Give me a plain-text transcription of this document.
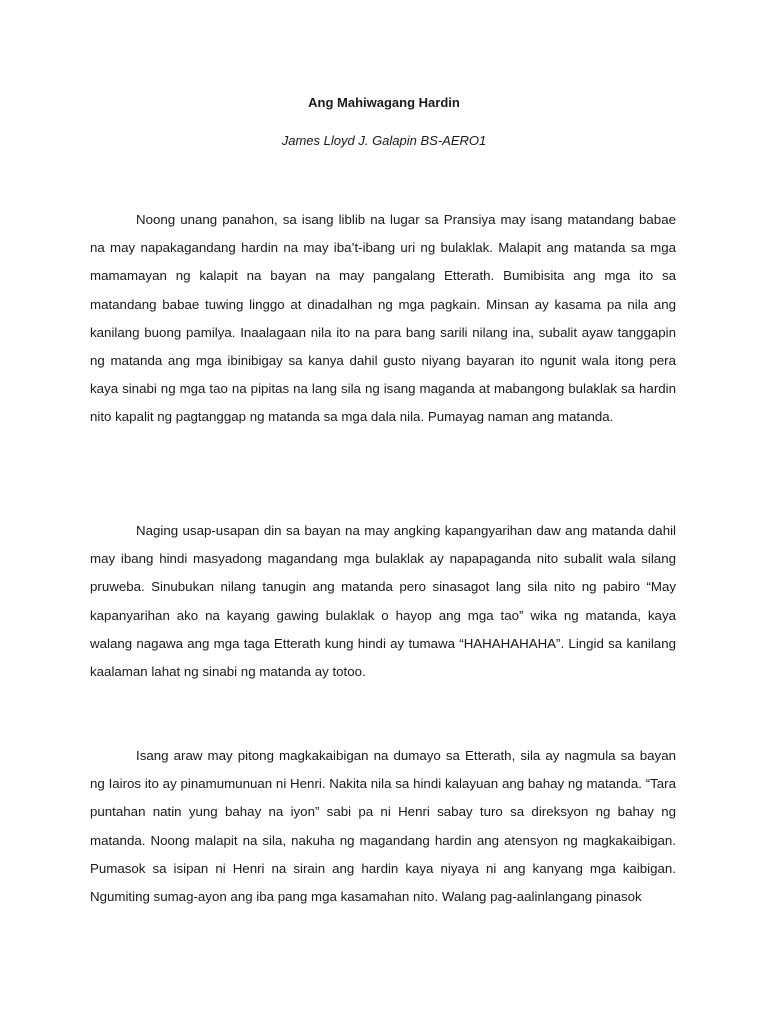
Ang Mahiwagang Hardin

James Lloyd J. Galapin BS-AERO1

Noong unang panahon, sa isang liblib na lugar sa Pransiya may isang matandang babae na may napakagandang hardin na may iba’t-ibang uri ng bulaklak. Malapit ang matanda sa mga mamamayan ng kalapit na bayan na may pangalang Etterath. Bumibisita ang mga ito sa matandang babae tuwing linggo at dinadalhan ng mga pagkain. Minsan ay kasama pa nila ang kanilang buong pamilya. Inaalagaan nila ito na para bang sarili nilang ina, subalit ayaw tanggapin ng matanda ang mga ibinibigay sa kanya dahil gusto niyang bayaran ito ngunit wala itong pera kaya sinabi ng mga tao na pipitas na lang sila ng isang maganda at mabangong bulaklak sa hardin nito kapalit ng pagtanggap ng matanda sa mga dala nila. Pumayag naman ang matanda.

Naging usap-usapan din sa bayan na may angking kapangyarihan daw ang matanda dahil may ibang hindi masyadong magandang mga bulaklak ay napapaganda nito subalit wala silang pruweba. Sinubukan nilang tanugin ang matanda pero sinasagot lang sila nito ng pabiro “May kapanyarihan ako na kayang gawing bulaklak o hayop ang mga tao” wika ng matanda, kaya walang nagawa ang mga taga Etterath kung hindi ay tumawa “HAHAHAHAHA”. Lingid sa kanilang kaalaman lahat ng sinabi ng matanda ay totoo.

Isang araw may pitong magkakaibigan na dumayo sa Etterath, sila ay nagmula sa bayan ng Iairos ito ay pinamumunuan ni Henri. Nakita nila sa hindi kalayuan ang bahay ng matanda. “Tara puntahan natin yung bahay na iyon” sabi pa ni Henri sabay turo sa direksyon ng bahay ng matanda. Noong malapit na sila, nakuha ng magandang hardin ang atensyon ng magkakaibigan. Pumasok sa isipan ni Henri na sirain ang hardin kaya niyaya ni ang kanyang mga kaibigan. Ngumiting sumag-ayon ang iba pang mga kasamahan nito. Walang pag-aalinlangang pinasok
